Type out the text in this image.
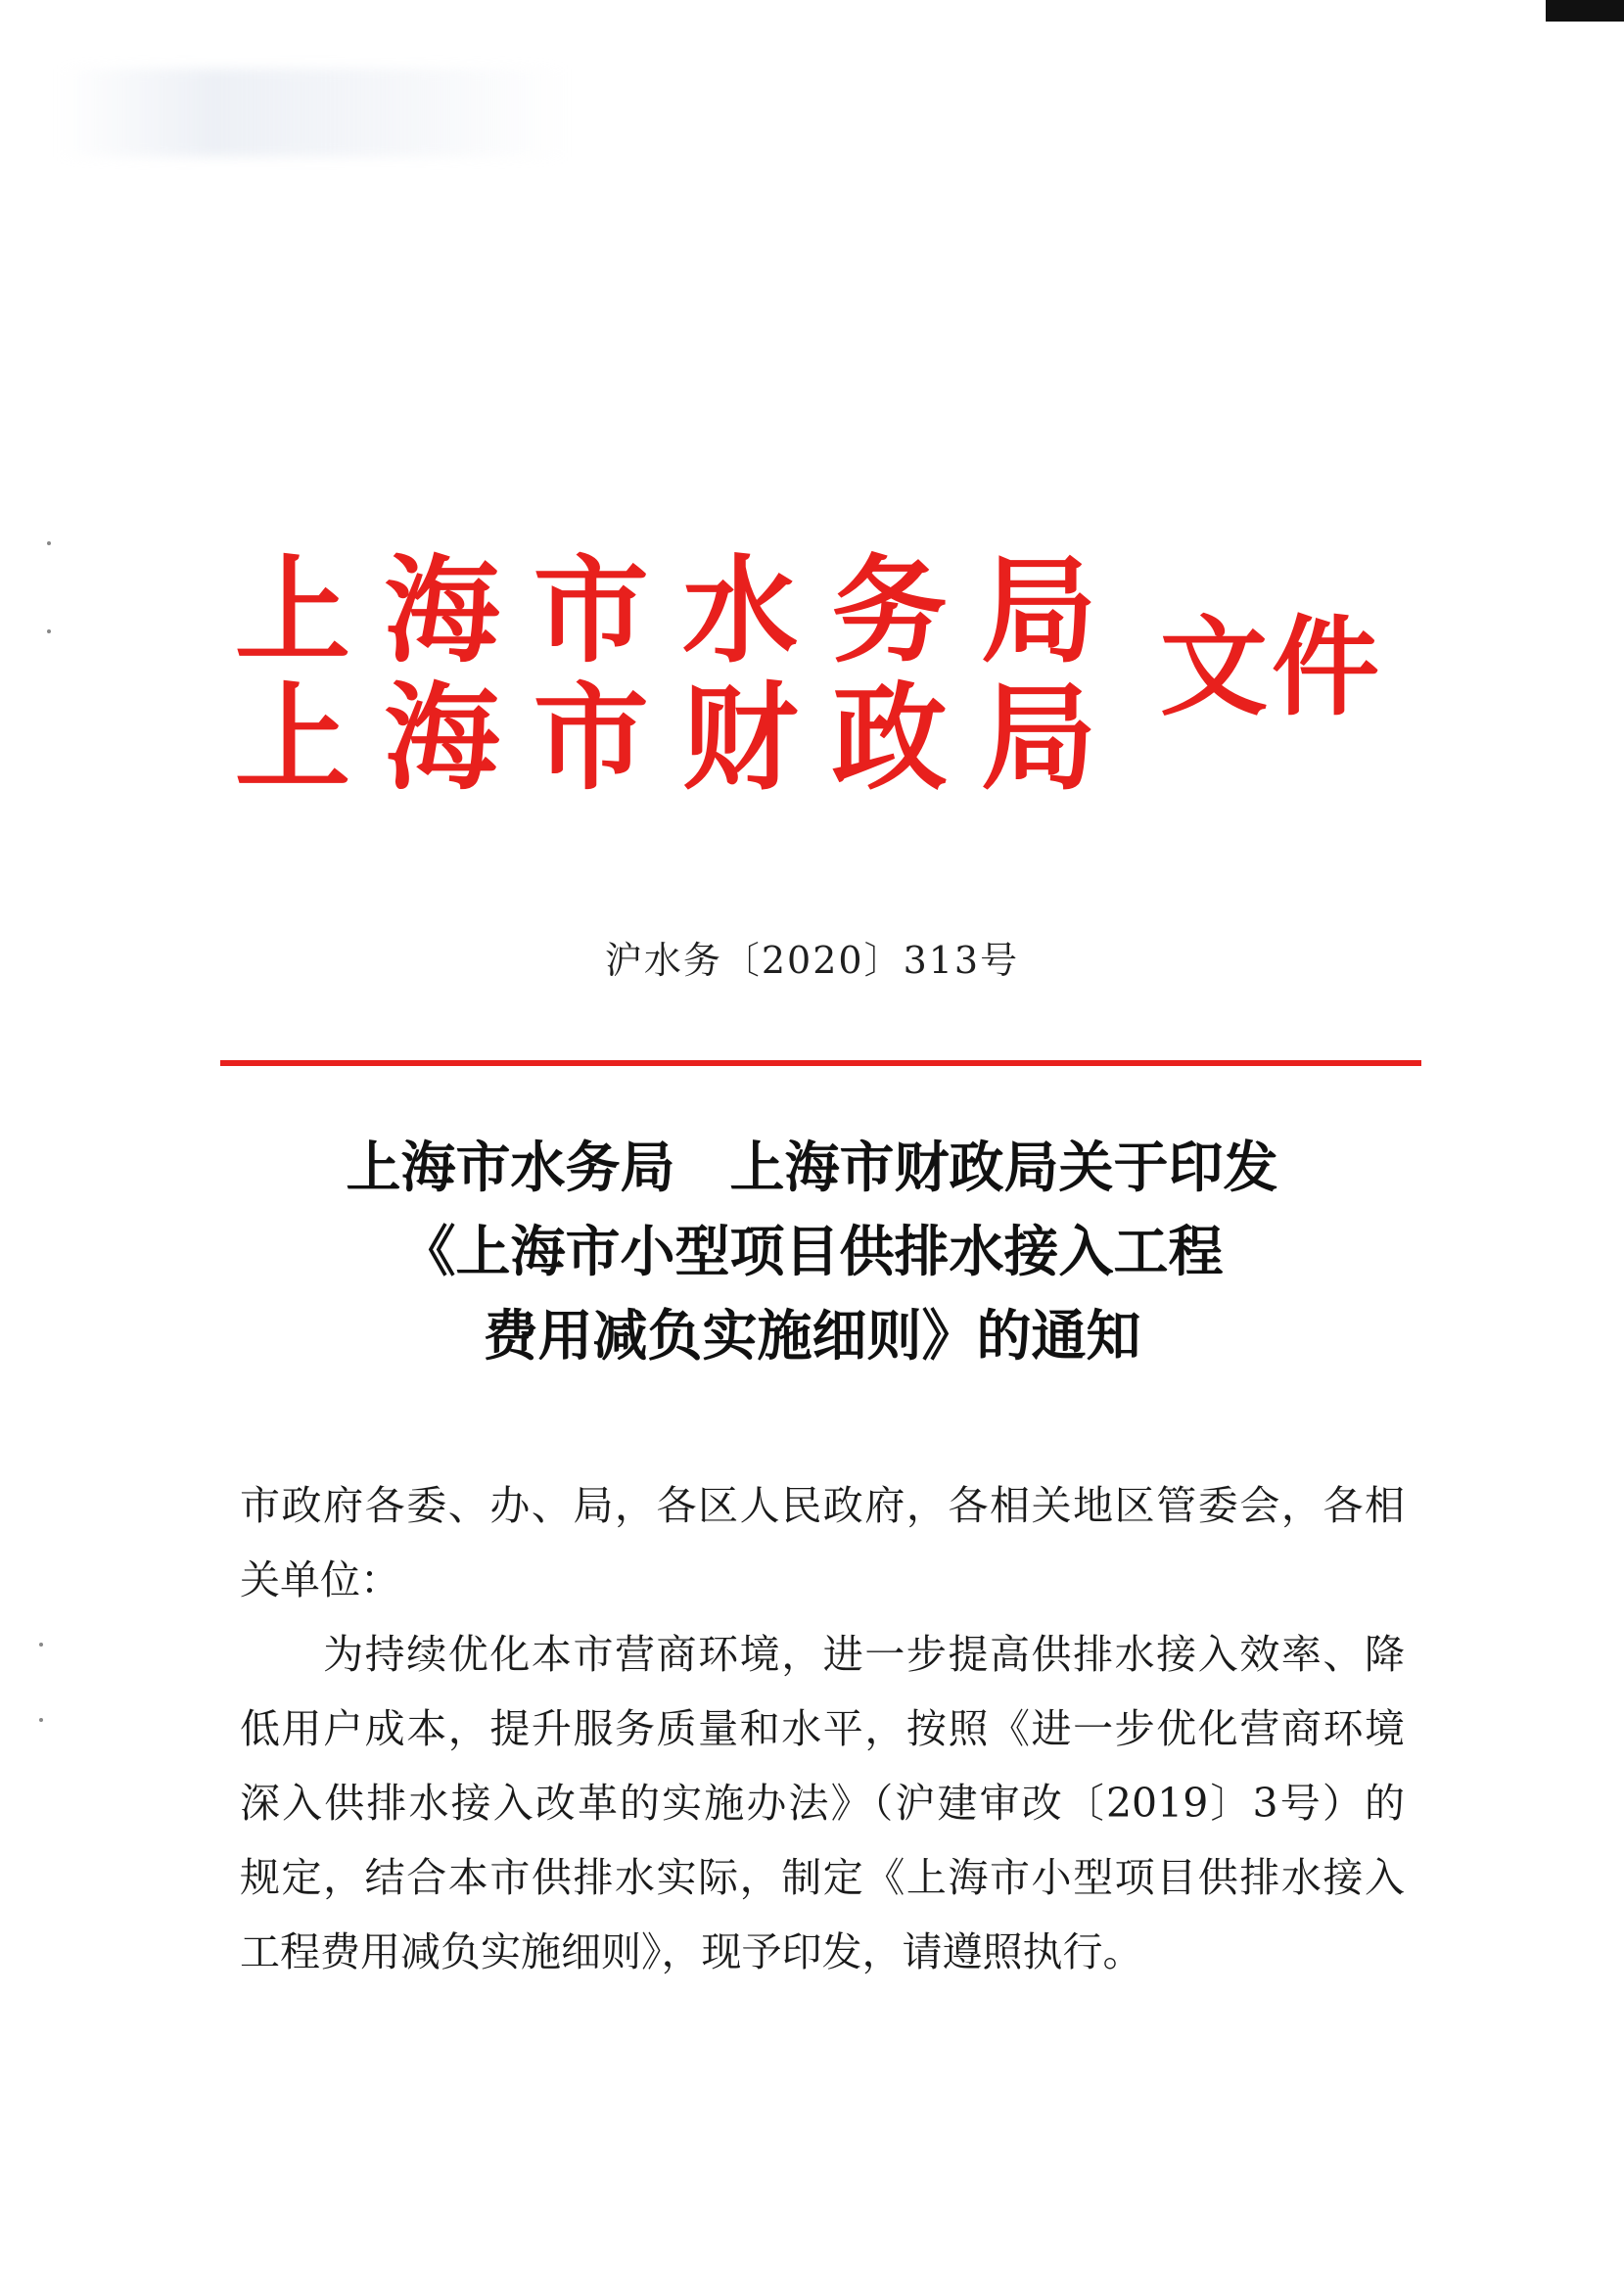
上 海 市 水 务 局
上 海 市 财 政 局
文件
沪水务〔2020〕313号
上海市水务局　上海市财政局关于印发
《上海市小型项目供排水接入工程
费用减负实施细则》的通知
市政府各委、办、局，各区人民政府，各相关地区管委会，各相
关单位：
　　为持续优化本市营商环境，进一步提高供排水接入效率、降
低用户成本，提升服务质量和水平，按照《进一步优化营商环境
深入供排水接入改革的实施办法》（沪建审改〔2019〕3号）的
规定，结合本市供排水实际，制定《上海市小型项目供排水接入
工程费用减负实施细则》，现予印发，请遵照执行。
